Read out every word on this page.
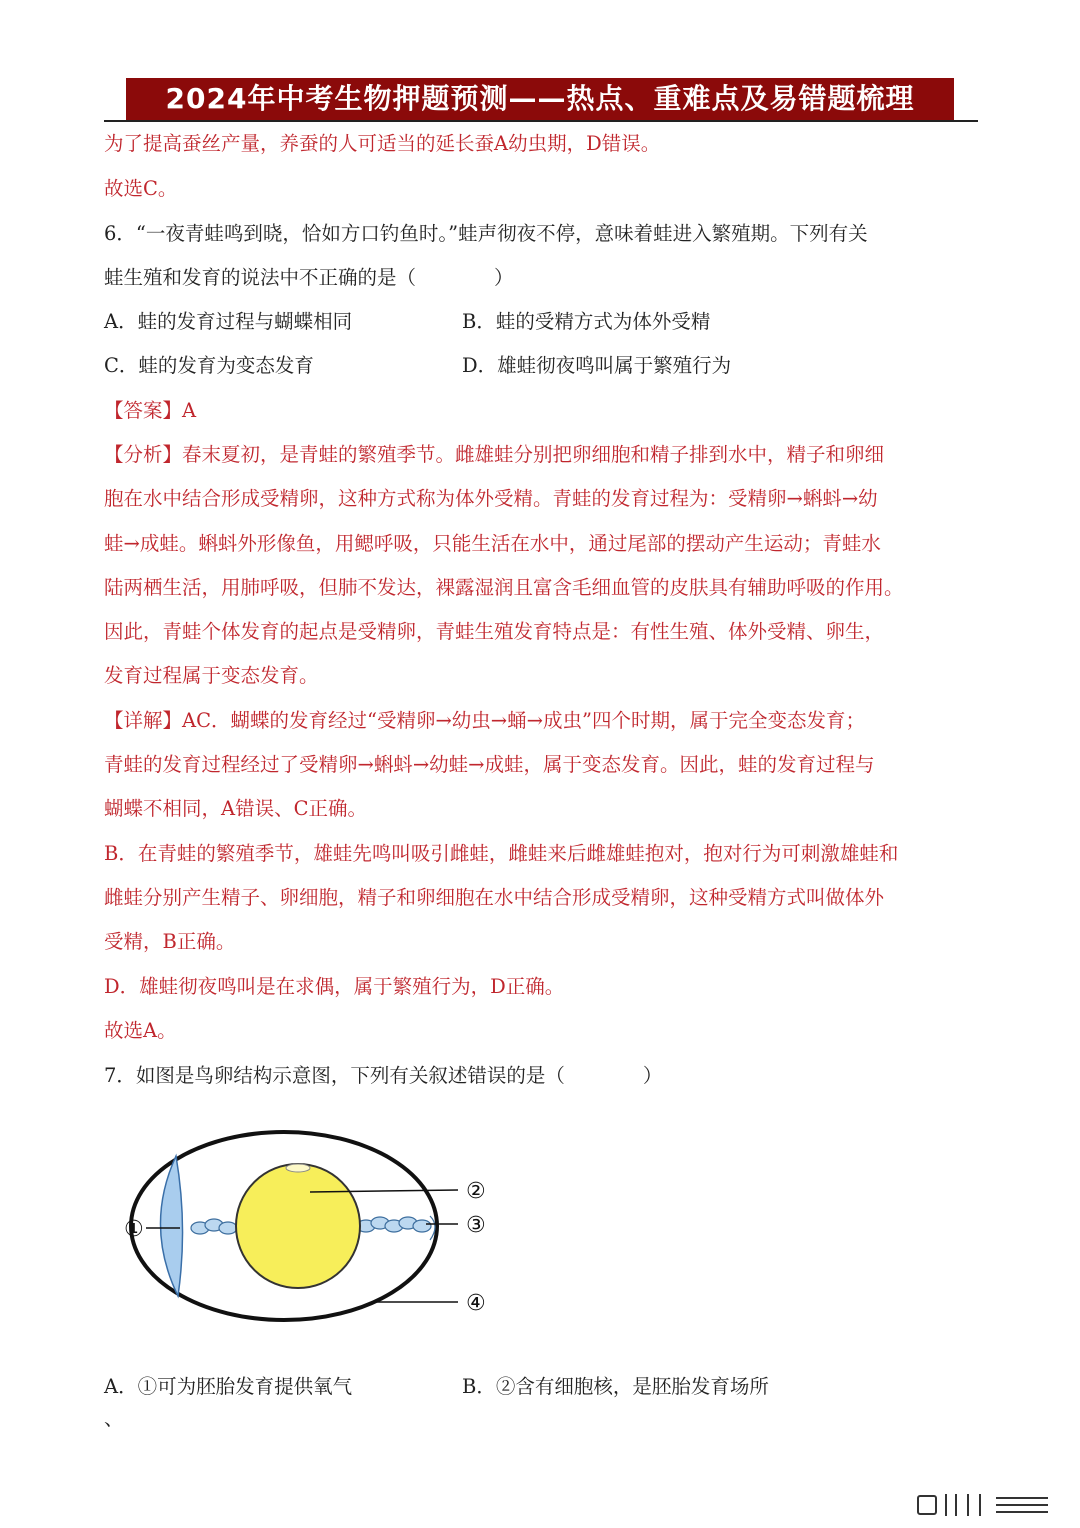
2024年中考生物押题预测——热点、重难点及易错题梳理
为了提高蚕丝产量，养蚕的人可适当的延长蚕A幼虫期，D错误。
故选C。
6．“一夜青蛙鸣到晓，恰如方口钓鱼时。”蛙声彻夜不停，意味着蛙进入繁殖期。下列有关
蛙生殖和发育的说法中不正确的是（　　　　）
A．蛙的发育过程与蝴蝶相同	B．蛙的受精方式为体外受精
C．蛙的发育为变态发育	D．雄蛙彻夜鸣叫属于繁殖行为
【答案】A
【分析】春末夏初，是青蛙的繁殖季节。雌雄蛙分别把卵细胞和精子排到水中，精子和卵细
胞在水中结合形成受精卵，这种方式称为体外受精。青蛙的发育过程为：受精卵→蝌蚪→幼
蛙→成蛙。蝌蚪外形像鱼，用鳃呼吸，只能生活在水中，通过尾部的摆动产生运动；青蛙水
陆两栖生活，用肺呼吸，但肺不发达，裸露湿润且富含毛细血管的皮肤具有辅助呼吸的作用。
因此，青蛙个体发育的起点是受精卵，青蛙生殖发育特点是：有性生殖、体外受精、卵生，
发育过程属于变态发育。
【详解】AC．蝴蝶的发育经过“受精卵→幼虫→蛹→成虫”四个时期，属于完全变态发育；
青蛙的发育过程经过了受精卵→蝌蚪→幼蛙→成蛙，属于变态发育。因此，蛙的发育过程与
蝴蝶不相同，A错误、C正确。
B．在青蛙的繁殖季节，雄蛙先鸣叫吸引雌蛙，雌蛙来后雌雄蛙抱对，抱对行为可刺激雄蛙和
雌蛙分别产生精子、卵细胞，精子和卵细胞在水中结合形成受精卵，这种受精方式叫做体外
受精，B正确。
D．雄蛙彻夜鸣叫是在求偶，属于繁殖行为，D正确。
故选A。
7．如图是鸟卵结构示意图，下列有关叙述错误的是（　　　　）
①
②
③
④
A．①可为胚胎发育提供氧气	B．②含有细胞核，是胚胎发育场所
、
